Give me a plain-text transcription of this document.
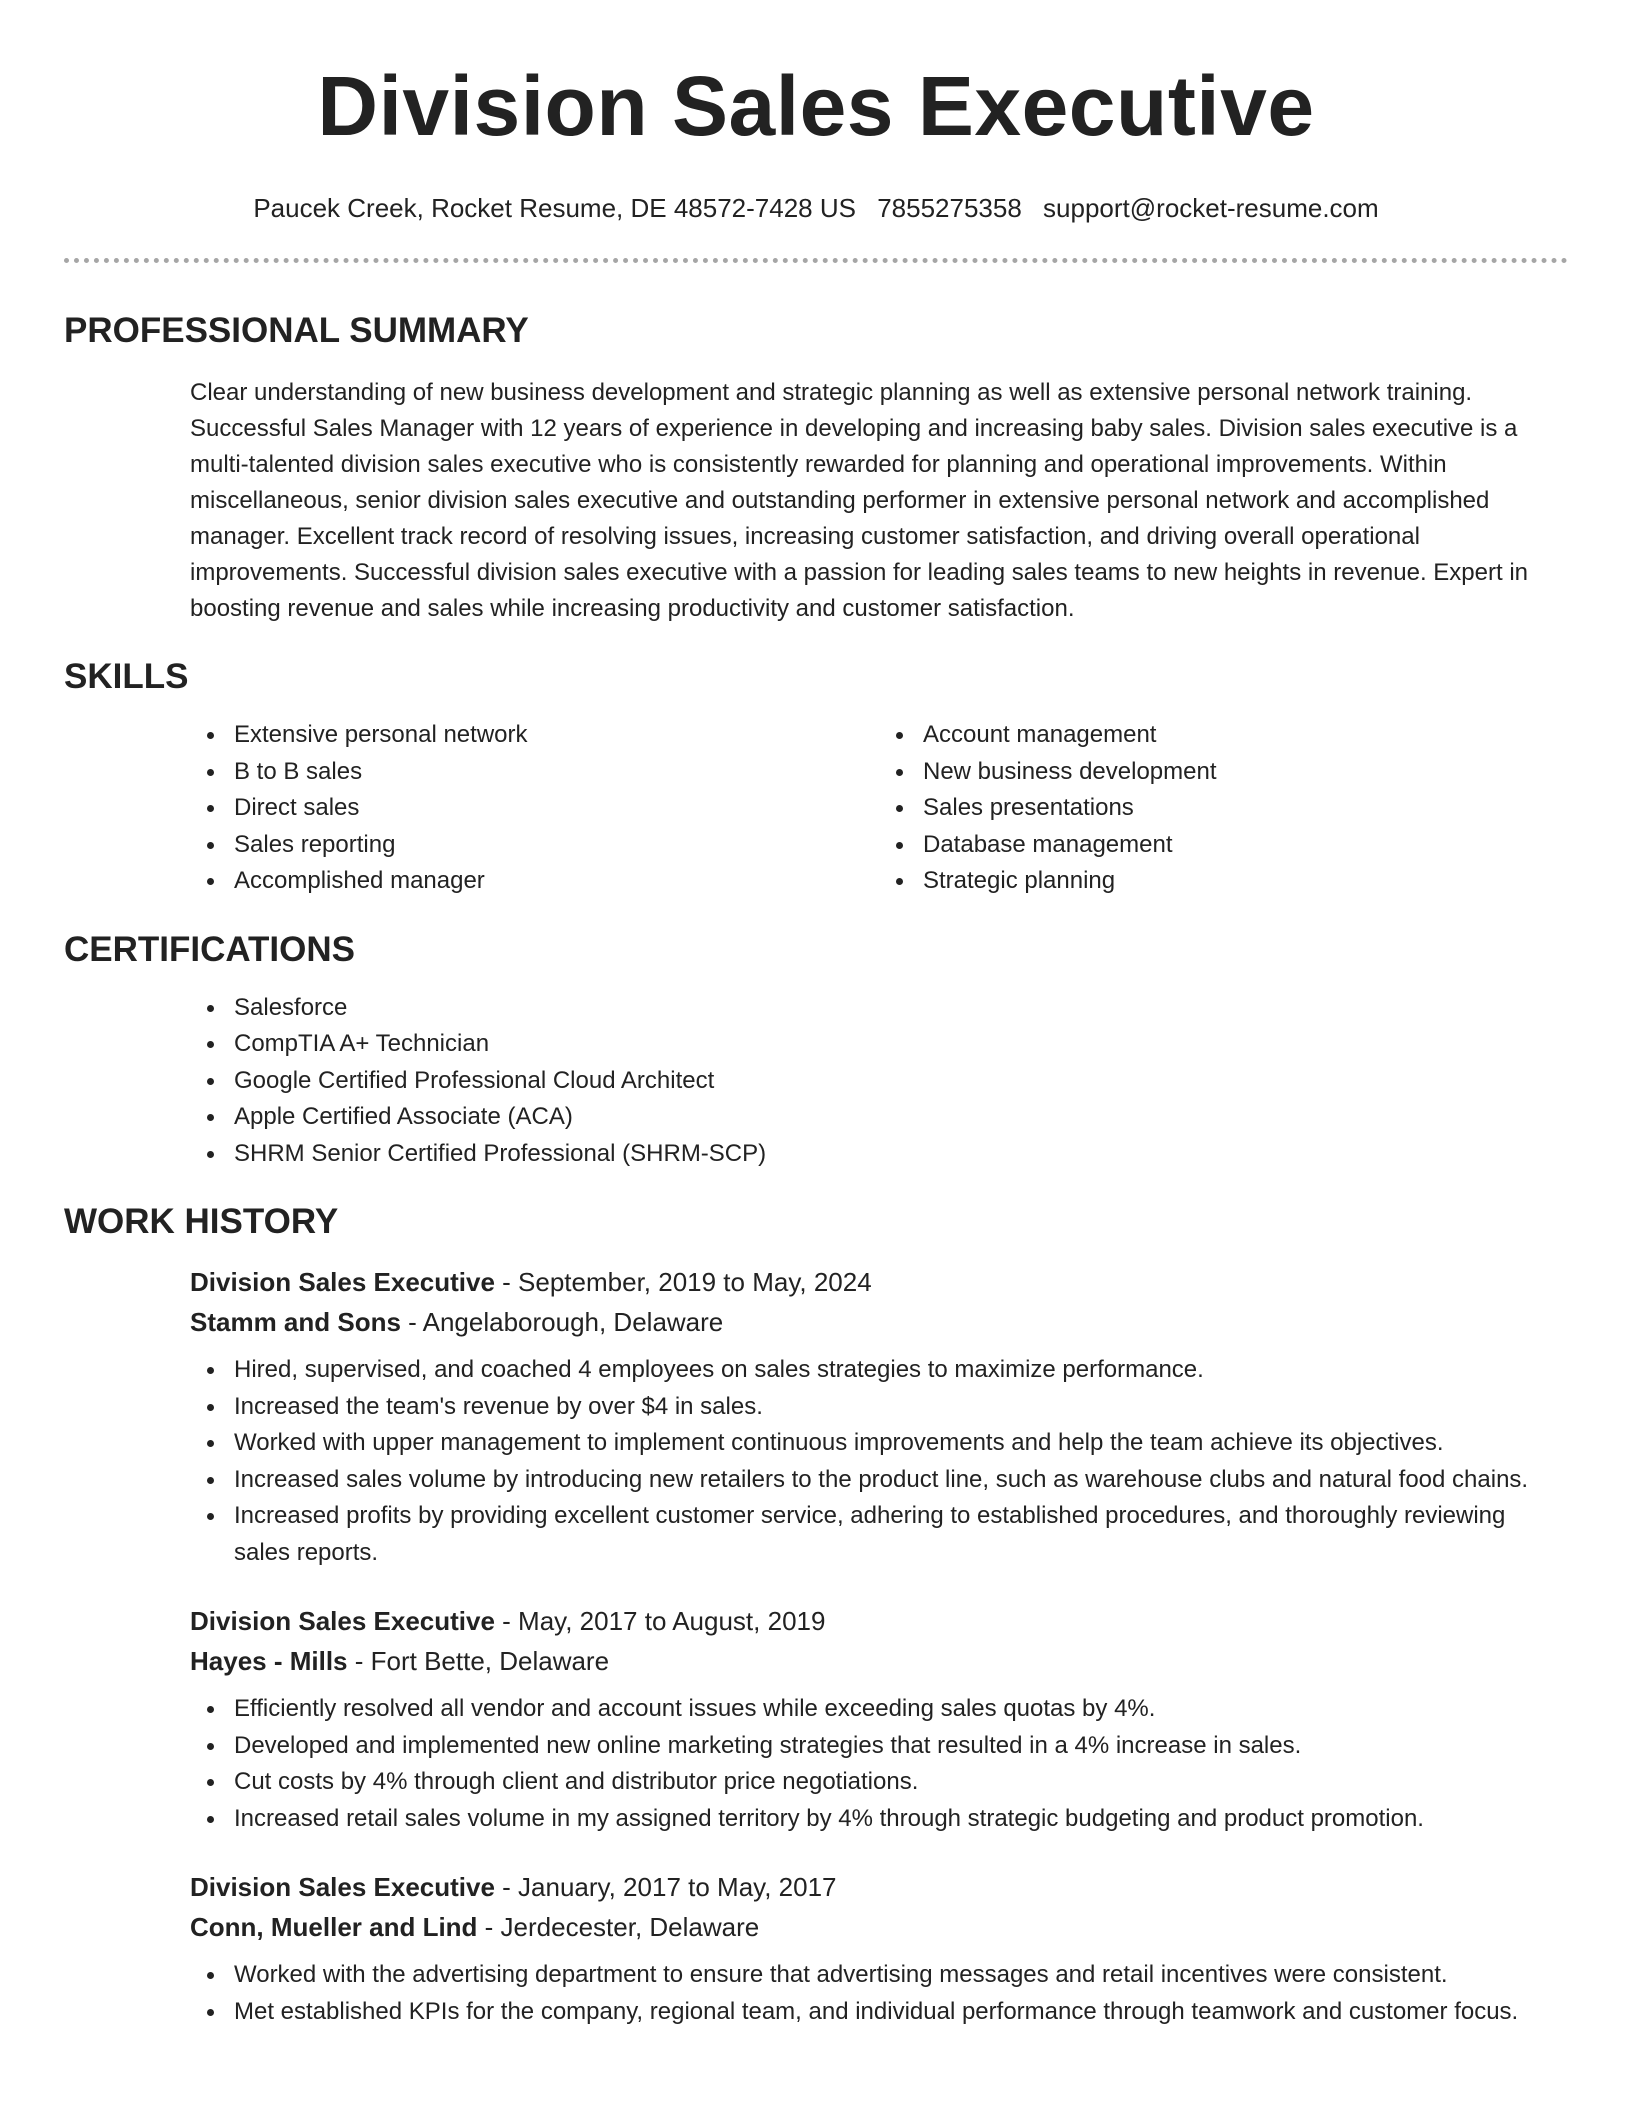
Division Sales Executive
Paucek Creek, Rocket Resume, DE 48572-7428 US 7855275358 support@rocket-resume.com
PROFESSIONAL SUMMARY

Clear understanding of new business development and strategic planning as well as extensive personal network training. Successful Sales Manager with 12 years of experience in developing and increasing baby sales. Division sales executive is a multi-talented division sales executive who is consistently rewarded for planning and operational improvements. Within miscellaneous, senior division sales executive and outstanding performer in extensive personal network and accomplished manager. Excellent track record of resolving issues, increasing customer satisfaction, and driving overall operational improvements. Successful division sales executive with a passion for leading sales teams to new heights in revenue. Expert in boosting revenue and sales while increasing productivity and customer satisfaction.

SKILLS
Extensive personal network
B to B sales
Direct sales
Sales reporting
Accomplished manager
Account management
New business development
Sales presentations
Database management
Strategic planning
CERTIFICATIONS
Salesforce
CompTIA A+ Technician
Google Certified Professional Cloud Architect
Apple Certified Associate (ACA)
SHRM Senior Certified Professional (SHRM-SCP)
WORK HISTORY
Division Sales Executive - September, 2019 to May, 2024
Stamm and Sons - Angelaborough, Delaware
Hired, supervised, and coached 4 employees on sales strategies to maximize performance.
Increased the team's revenue by over $4 in sales.
Worked with upper management to implement continuous improvements and help the team achieve its objectives.
Increased sales volume by introducing new retailers to the product line, such as warehouse clubs and natural food chains.
Increased profits by providing excellent customer service, adhering to established procedures, and thoroughly reviewing sales reports.
Division Sales Executive - May, 2017 to August, 2019
Hayes - Mills - Fort Bette, Delaware
Efficiently resolved all vendor and account issues while exceeding sales quotas by 4%.
Developed and implemented new online marketing strategies that resulted in a 4% increase in sales.
Cut costs by 4% through client and distributor price negotiations.
Increased retail sales volume in my assigned territory by 4% through strategic budgeting and product promotion.
Division Sales Executive - January, 2017 to May, 2017
Conn, Mueller and Lind - Jerdecester, Delaware
Worked with the advertising department to ensure that advertising messages and retail incentives were consistent.
Met established KPIs for the company, regional team, and individual performance through teamwork and customer focus.
